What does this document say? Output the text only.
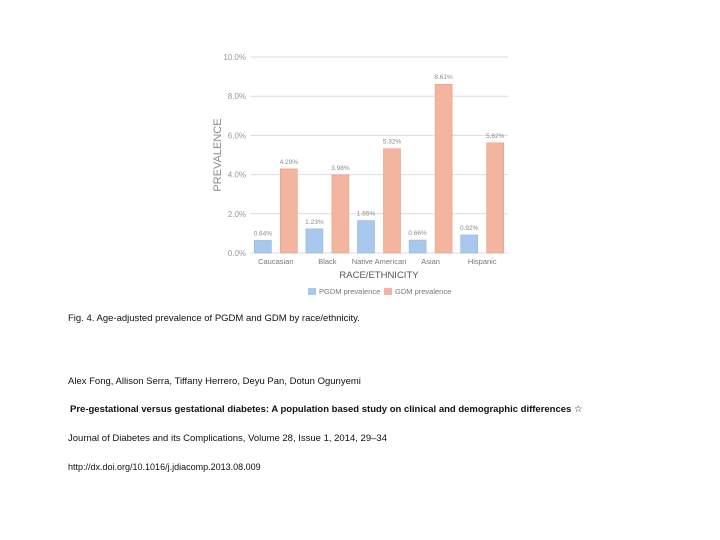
0.0%
2.0%
4.0%
6.0%
8.0%
10.0%
PREVALENCE
0.64%
4.29%
Caucasian
1.23%
3.98%
Black
1.65%
5.32%
Native American
0.66%
8.61%
Asian
0.92%
5.62%
Hispanic
RACE/ETHNICITY
PGDM prevalence GDM prevalence
Fig. 4. Age-adjusted prevalence of PGDM and GDM by race/ethnicity.
Alex Fong, Allison Serra, Tiffany Herrero, Deyu Pan, Dotun Ogunyemi
Pre-gestational versus gestational diabetes: A population based study on clinical and demographic differences ☆
Journal of Diabetes and its Complications, Volume 28, Issue 1, 2014, 29–34
http://dx.doi.org/10.1016/j.jdiacomp.2013.08.009
